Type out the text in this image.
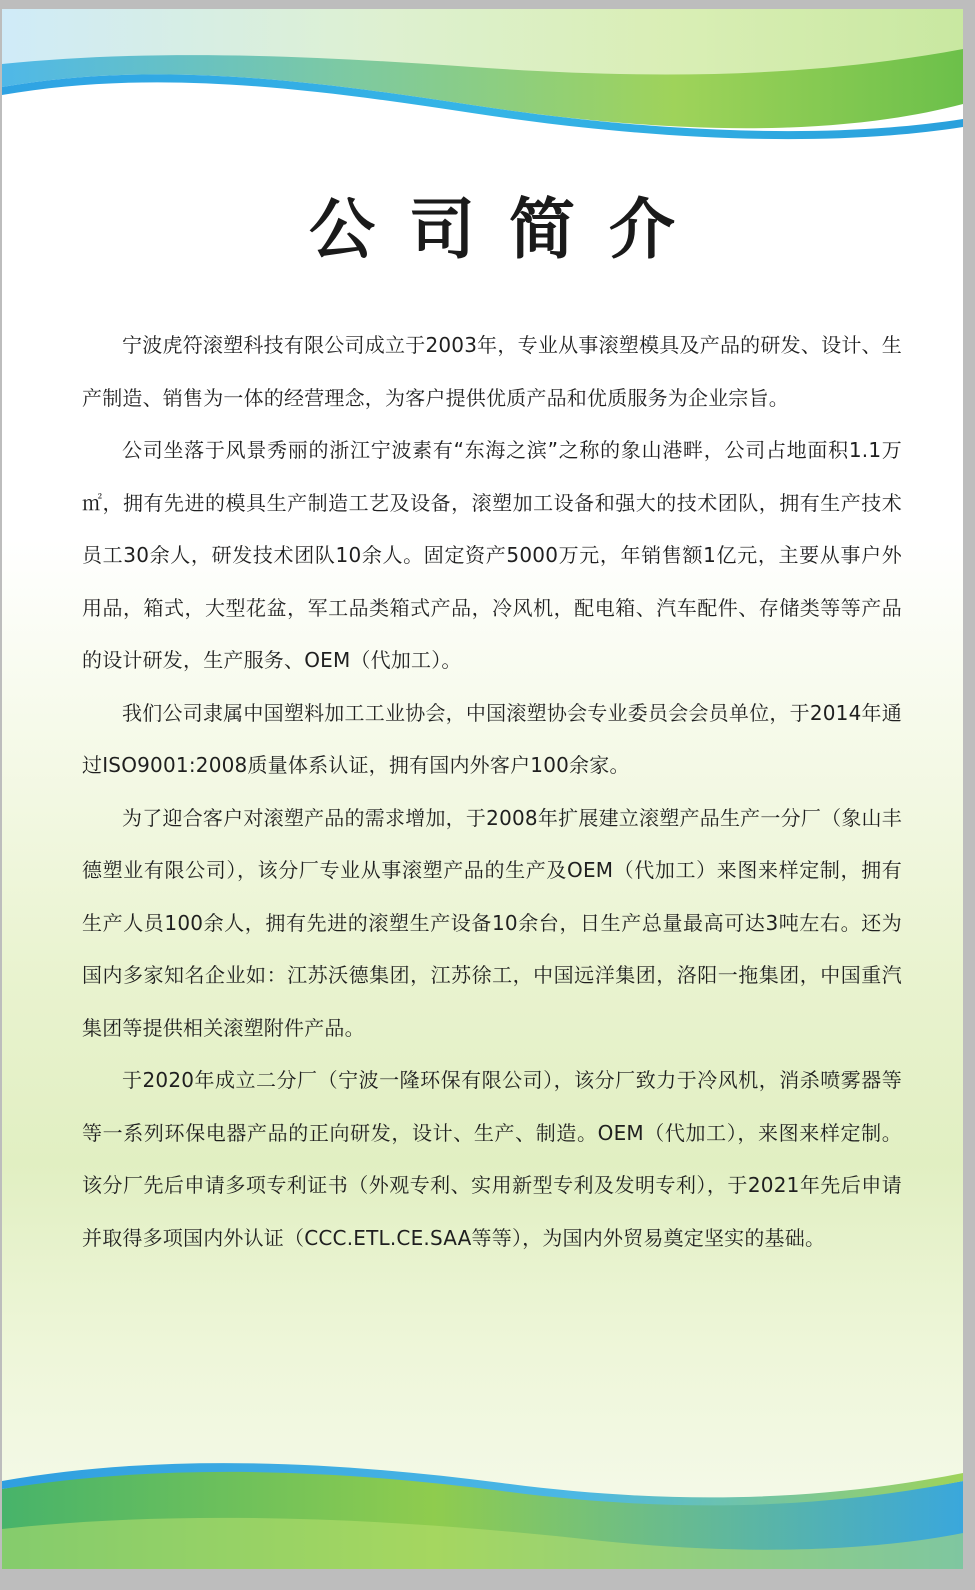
公司简介

宁波虎符滚塑科技有限公司成立于2003年，专业从事滚塑模具及产品的研发、设计、生产制造、销售为一体的经营理念，为客户提供优质产品和优质服务为企业宗旨。

公司坐落于风景秀丽的浙江宁波素有“东海之滨”之称的象山港畔，公司占地面积1.1万㎡，拥有先进的模具生产制造工艺及设备，滚塑加工设备和强大的技术团队，拥有生产技术员工30余人，研发技术团队10余人。固定资产5000万元，年销售额1亿元，主要从事户外用品，箱式，大型花盆，军工品类箱式产品，冷风机，配电箱、汽车配件、存储类等等产品的设计研发，生产服务、OEM（代加工）。

我们公司隶属中国塑料加工工业协会，中国滚塑协会专业委员会会员单位，于2014年通过ISO9001:2008质量体系认证，拥有国内外客户100余家。

为了迎合客户对滚塑产品的需求增加，于2008年扩展建立滚塑产品生产一分厂（象山丰德塑业有限公司），该分厂专业从事滚塑产品的生产及OEM（代加工）来图来样定制，拥有生产人员100余人，拥有先进的滚塑生产设备10余台，日生产总量最高可达3吨左右。还为国内多家知名企业如：江苏沃德集团，江苏徐工，中国远洋集团，洛阳一拖集团，中国重汽集团等提供相关滚塑附件产品。

于2020年成立二分厂（宁波一隆环保有限公司），该分厂致力于冷风机，消杀喷雾器等等一系列环保电器产品的正向研发，设计、生产、制造。OEM（代加工），来图来样定制。该分厂先后申请多项专利证书（外观专利、实用新型专利及发明专利），于2021年先后申请并取得多项国内外认证（CCC.ETL.CE.SAA等等），为国内外贸易奠定坚实的基础。
